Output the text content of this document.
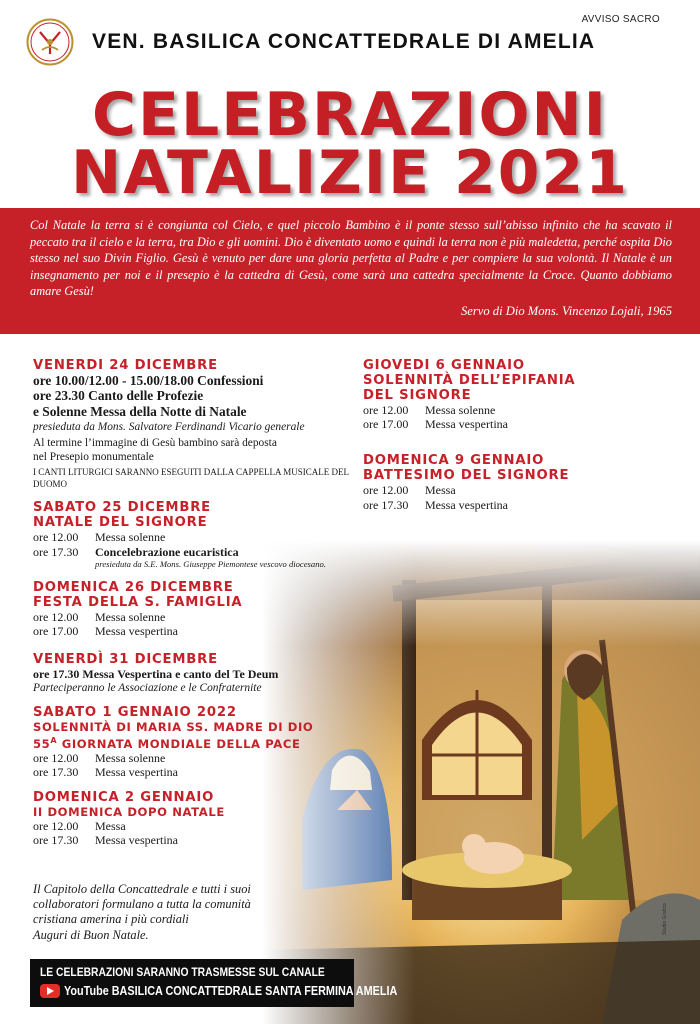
AVVISO SACRO
VEN. BASILICA CONCATTEDRALE DI AMELIA
CELEBRAZIONI
NATALIZIE 2021

Col Natale la terra si è congiunta col Cielo, e quel piccolo Bambino è il ponte stesso sull’abisso infinito che ha scavato il peccato tra il cielo e la terra, tra Dio e gli uomini. Dio è diventato uomo e quindi la terra non è più maledetta, perché ospita Dio stesso nel suo Divin Figlio. Gesù è venuto per dare una gloria perfetta al Padre e per compiere la sua volontà. Il Natale è un insegnamento per noi e il presepio è la cattedra di Gesù, come sarà una cattedra specialmente la Croce. Quanto dobbiamo amare Gesù!

Servo di Dio Mons. Vincenzo Lojali, 1965

Studio Grafico
VENERDI 24 DICEMBRE
ore 10.00/12.00 - 15.00/18.00 Confessioni
ore 23.30 Canto delle Profezie
e Solenne Messa della Notte di Natale
presieduta da Mons. Salvatore Ferdinandi Vicario generale
Al termine l’immagine di Gesù bambino sarà deposta
nel Presepio monumentale
I CANTI LITURGICI SARANNO ESEGUITI DALLA CAPPELLA MUSICALE DEL DUOMO
SABATO 25 DICEMBRE
NATALE DEL SIGNORE
ore 12.00 Messa solenne
ore 17.30 Concelebrazione eucaristica
presieduta da S.E. Mons. Giuseppe Piemontese vescovo diocesano.
DOMENICA 26 DICEMBRE
FESTA DELLA S. FAMIGLIA
ore 12.00 Messa solenne
ore 17.00 Messa vespertina
VENERDÌ 31 DICEMBRE
ore 17.30 Messa Vespertina e canto del Te Deum
Parteciperanno le Associazione e le Confraternite
SABATO 1 GENNAIO 2022
SOLENNITÀ DI MARIA SS. MADRE DI DIO
$55^A$ GIORNATA MONDIALE DELLA PACE
ore 12.00 Messa solenne
ore 17.30 Messa vespertina
DOMENICA 2 GENNAIO
II DOMENICA DOPO NATALE
ore 12.00 Messa
ore 17.30 Messa vespertina
GIOVEDI 6 GENNAIO
SOLENNITÀ DELL’EPIFANIA
DEL SIGNORE
ore 12.00 Messa solenne
ore 17.00 Messa vespertina
DOMENICA 9 GENNAIO
BATTESIMO DEL SIGNORE
ore 12.00 Messa
ore 17.30 Messa vespertina
Il Capitolo della Concattedrale e tutti i suoi
collaboratori formulano a tutta la comunità
cristiana amerina i più cordiali
Auguri di Buon Natale.
LE CELEBRAZIONI SARANNO TRASMESSE SUL CANALE
YouTube BASILICA CONCATTEDRALE SANTA FERMINA AMELIA
